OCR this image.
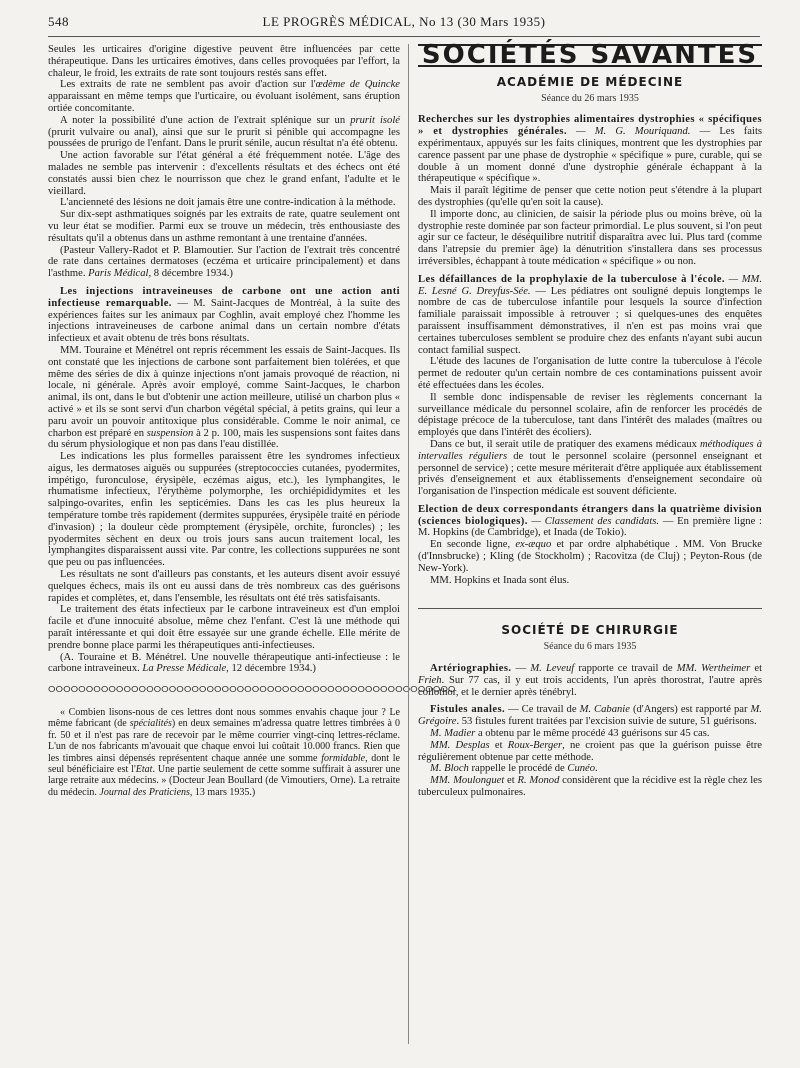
548	LE PROGRÈS MÉDICAL, No 13 (30 Mars 1935)

Seules les urticaires d'origine digestive peuvent être influencées par cette thérapeutique. Dans les urticaires émotives, dans celles provoquées par l'effort, la chaleur, le froid, les extraits de rate sont toujours restés sans effet.

Les extraits de rate ne semblent pas avoir d'action sur l'œdème de Quincke apparaissant en même temps que l'urticaire, ou évoluant isolément, sans éruption ortiée concomitante.

A noter la possibilité d'une action de l'extrait splénique sur un prurit isolé (prurit vulvaire ou anal), ainsi que sur le prurit si pénible qui accompagne les poussées de prurigo de l'enfant. Dans le prurit sénile, aucun résultat n'a été obtenu.

Une action favorable sur l'état général a été fréquemment notée. L'âge des malades ne semble pas intervenir : d'excellents résultats et des échecs ont été constatés aussi bien chez le nourrisson que chez le grand enfant, l'adulte et le vieillard.

L'ancienneté des lésions ne doit jamais être une contre-indication à la méthode.

Sur dix-sept asthmatiques soignés par les extraits de rate, quatre seulement ont vu leur état se modifier. Parmi eux se trouve un médecin, très enthousiaste des résultats qu'il a obtenus dans un asthme remontant à une trentaine d'années.

(Pasteur Vallery-Radot et P. Blamoutier. Sur l'action de l'extrait très concentré de rate dans certaines dermatoses (eczéma et urticaire principalement) et dans l'asthme. Paris Médical, 8 décembre 1934.)

Les injections intraveineuses de carbone ont une action anti infectieuse remarquable. — M. Saint-Jacques de Montréal, à la suite des expériences faites sur les animaux par Coghlin, avait employé chez l'homme les injections intraveineuses de carbone animal dans un certain nombre d'états infectieux et avait obtenu de très bons résultats.

MM. Touraine et Ménétrel ont repris récemment les essais de Saint-Jacques. Ils ont constaté que les injections de carbone sont parfaitement bien tolérées, et que même des séries de dix à quinze injections n'ont jamais provoqué de réaction, ni locale, ni générale. Après avoir employé, comme Saint-Jacques, le charbon animal, ils ont, dans le but d'obtenir une action meilleure, utilisé un charbon plus « activé » et ils se sont servi d'un charbon végétal spécial, à petits grains, qui leur a paru avoir un pouvoir antitoxique plus considérable. Comme le noir animal, ce charbon est préparé en suspension à 2 p. 100, mais les suspensions sont faites dans du sérum physiologique et non pas dans l'eau distillée.

Les indications les plus formelles paraissent être les syndromes infectieux aigus, les dermatoses aiguës ou suppurées (streptococcies cutanées, pyodermites, impétigo, furonculose, érysipèle, eczémas aigus, etc.), les lymphangites, le rhumatisme infectieux, l'érythème polymorphe, les orchiépididymites et les salpingo-ovarites, enfin les septicémies. Dans les cas les plus heureux la température tombe très rapidement (dermites suppurées, érysipèle traité en période d'invasion) ; la douleur cède promptement (érysipèle, orchite, furoncles) ; les pyodermites sèchent en deux ou trois jours sans aucun traitement local, les lymphangites disparaissent aussi vite. Par contre, les collections suppurées ne sont que peu ou pas influencées.

Les résultats ne sont d'ailleurs pas constants, et les auteurs disent avoir essuyé quelques échecs, mais ils ont eu aussi dans de très nombreux cas des guérisons rapides et complètes, et, dans l'ensemble, les résultats ont été très satisfaisants.

Le traitement des états infectieux par le carbone intraveineux est d'un emploi facile et d'une innocuité absolue, même chez l'enfant. C'est là une méthode qui paraît intéressante et qui doit être essayée sur une grande échelle. Elle mérite de prendre bonne place parmi les thérapeutiques anti-infectieuses.

(A. Touraine et B. Ménétrel. Une nouvelle thérapeutique anti-infectieuse : le carbone intraveineux. La Presse Médicale, 12 décembre 1934.)

ⵔⵔⵔⵔⵔⵔⵔⵔⵔⵔⵔⵔⵔⵔⵔⵔⵔⵔⵔⵔⵔⵔⵔⵔⵔⵔⵔⵔⵔⵔⵔⵔⵔⵔⵔⵔⵔⵔⵔⵔⵔⵔⵔⵔⵔⵔⵔⵔⵔⵔⵔⵔⵔⵔ

« Combien lisons-nous de ces lettres dont nous sommes envahis chaque jour ? Le même fabricant (de spécialités) en deux semaines m'adressa quatre lettres timbrées à 0 fr. 50 et il n'est pas rare de recevoir par le même courrier vingt-cinq lettres-réclame. L'un de nos fabricants m'avouait que chaque envoi lui coûtait 10.000 francs. Rien que les timbres ainsi dépensés représentent chaque année une somme formidable, dont le seul bénéficiaire est l'Etat. Une partie seulement de cette somme suffirait à assurer une large retraite aux médecins. » (Docteur Jean Boullard (de Vimoutiers, Orne). La retraite du médecin. Journal des Praticiens, 13 mars 1935.)

SOCIÉTÉS SAVANTES
ACADÉMIE DE MÉDECINE
Séance du 26 mars 1935

Recherches sur les dystrophies alimentaires dystrophies « spécifiques » et dystrophies générales. — M. G. Mouriquand. — Les faits expérimentaux, appuyés sur les faits cliniques, montrent que les dystrophies par carence passent par une phase de dystrophie « spécifique » pure, curable, qui se double à un moment donné d'une dystrophie générale échappant à la thérapeutique « spécifique ».

Mais il paraît légitime de penser que cette notion peut s'étendre à la plupart des dystrophies (qu'elle qu'en soit la cause).

Il importe donc, au clinicien, de saisir la période plus ou moins brève, où la dystrophie reste dominée par son facteur primordial. Le plus souvent, si l'on peut agir sur ce facteur, le déséquilibre nutritif disparaîtra avec lui. Plus tard (comme dans l'atrepsie du premier âge) la dénutrition s'installera dans ses processus irréversibles, échappant à toute médication « spécifique » ou non.

Les défaillances de la prophylaxie de la tuberculose à l'école. — MM. E. Lesné G. Dreyfus-Sée. — Les pédiatres ont souligné depuis longtemps le nombre de cas de tuberculose infantile pour lesquels la source d'infection familiale paraissait impossible à retrouver ; si quelques-unes des enquêtes paraissent insuffisamment démonstratives, il n'en est pas moins vrai que certaines tuberculoses semblent se produire chez des enfants n'ayant subi aucun contact familial suspect.

L'étude des lacunes de l'organisation de lutte contre la tuberculose à l'école permet de redouter qu'un certain nombre de ces contaminations puissent avoir été effectuées dans les écoles.

Il semble donc indispensable de reviser les règlements concernant la surveillance médicale du personnel scolaire, afin de renforcer les procédés de dépistage précoce de la tuberculose, tant dans l'intérêt des malades (maîtres ou employés que dans l'intérêt des écoliers).

Dans ce but, il serait utile de pratiquer des examens médicaux méthodiques à intervalles réguliers de tout le personnel scolaire (personnel enseignant et personnel de service) ; cette mesure mériterait d'être appliquée aux établissement privés d'enseignement et aux établissements d'enseignement secondaire où l'organisation de l'inspection médicale est souvent déficiente.

Election de deux correspondants étrangers dans la quatrième division (sciences biologiques). — Classement des candidats. — En première ligne : M. Hopkins (de Cambridge), et Inada (de Tokio).

En seconde ligne, ex-æquo et par ordre alphabétique . MM. Von Brucke (d'Innsbrucke) ; Kling (de Stockholm) ; Racovitza (de Cluj) ; Peyton-Rous (de New-York).

MM. Hopkins et Inada sont élus.

SOCIÉTÉ DE CHIRURGIE
Séance du 6 mars 1935

Artériographies. — M. Leveuf rapporte ce travail de MM. Wertheimer et Frieh. Sur 77 cas, il y eut trois accidents, l'un après thorostrat, l'autre après collothor, et le dernier après ténébryl.

Fistules anales. — Ce travail de M. Cabanie (d'Angers) est rapporté par M. Grégoire. 53 fistules furent traitées par l'excision suivie de suture, 51 guérisons.

M. Madier a obtenu par le même procédé 43 guérisons sur 45 cas.

MM. Desplas et Roux-Berger, ne croient pas que la guérison puisse être régulièrement obtenue par cette méthode.

M. Bloch rappelle le procédé de Cunéo.

MM. Moulonguet et R. Monod considèrent que la récidive est la règle chez les tuberculeux pulmonaires.
